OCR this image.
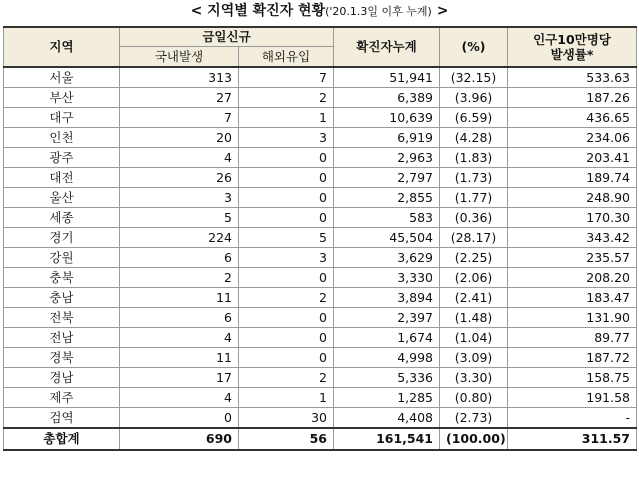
< 지역별 확진자 현황('20.1.3일 이후 누계) >
지역	금일신규		확진자누계	(%)	인구10만명당
발생률*

	국내발생	해외유입			
서울	313	7	51,941	(32.15)	533.63
부산	27	2	6,389	(3.96)	187.26
대구	7	1	10,639	(6.59)	436.65
인천	20	3	6,919	(4.28)	234.06
광주	4	0	2,963	(1.83)	203.41
대전	26	0	2,797	(1.73)	189.74
울산	3	0	2,855	(1.77)	248.90
세종	5	0	583	(0.36)	170.30
경기	224	5	45,504	(28.17)	343.42
강원	6	3	3,629	(2.25)	235.57
충북	2	0	3,330	(2.06)	208.20
충남	11	2	3,894	(2.41)	183.47
전북	6	0	2,397	(1.48)	131.90
전남	4	0	1,674	(1.04)	89.77
경북	11	0	4,998	(3.09)	187.72
경남	17	2	5,336	(3.30)	158.75
제주	4	1	1,285	(0.80)	191.58
검역	0	30	4,408	(2.73)	-
총합계	690	56	161,541	(100.00)	311.57
